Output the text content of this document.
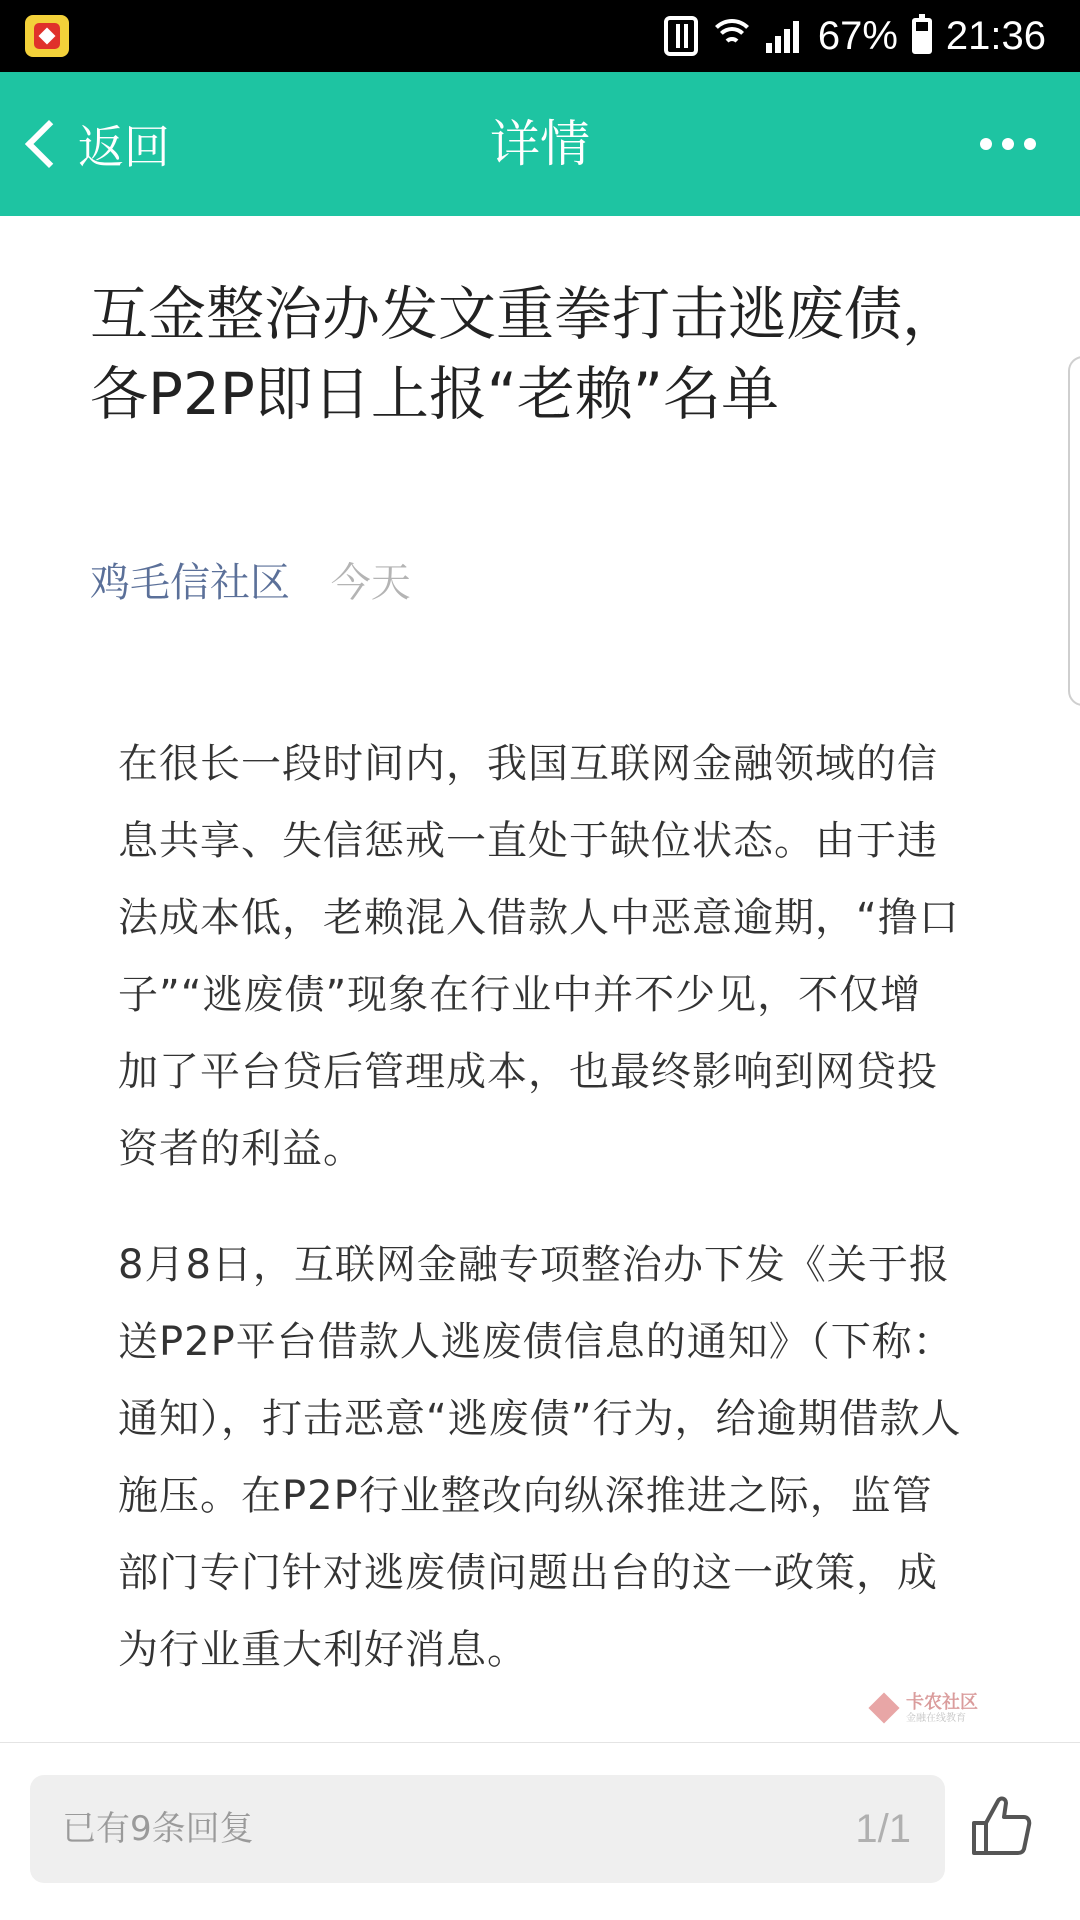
67% 21:36
详情
返回
互金整治办发文重拳打击逃废债，各P2P即日上报“老赖”名单
鸡毛信社区 今天

在很长一段时间内，我国互联网金融领域的信息共享、失信惩戒一直处于缺位状态。由于违法成本低，老赖混入借款人中恶意逾期，“撸口子”“逃废债”现象在行业中并不少见，不仅增加了平台贷后管理成本，也最终影响到网贷投资者的利益。

8月8日，互联网金融专项整治办下发《关于报送P2P平台借款人逃废债信息的通知》（下称：通知），打击恶意“逃废债”行为，给逾期借款人施压。在P2P行业整改向纵深推进之际，监管部门专门针对逃废债问题出台的这一政策，成为行业重大利好消息。

卡农社区
金融在线教育
已有9条回复	1/1
